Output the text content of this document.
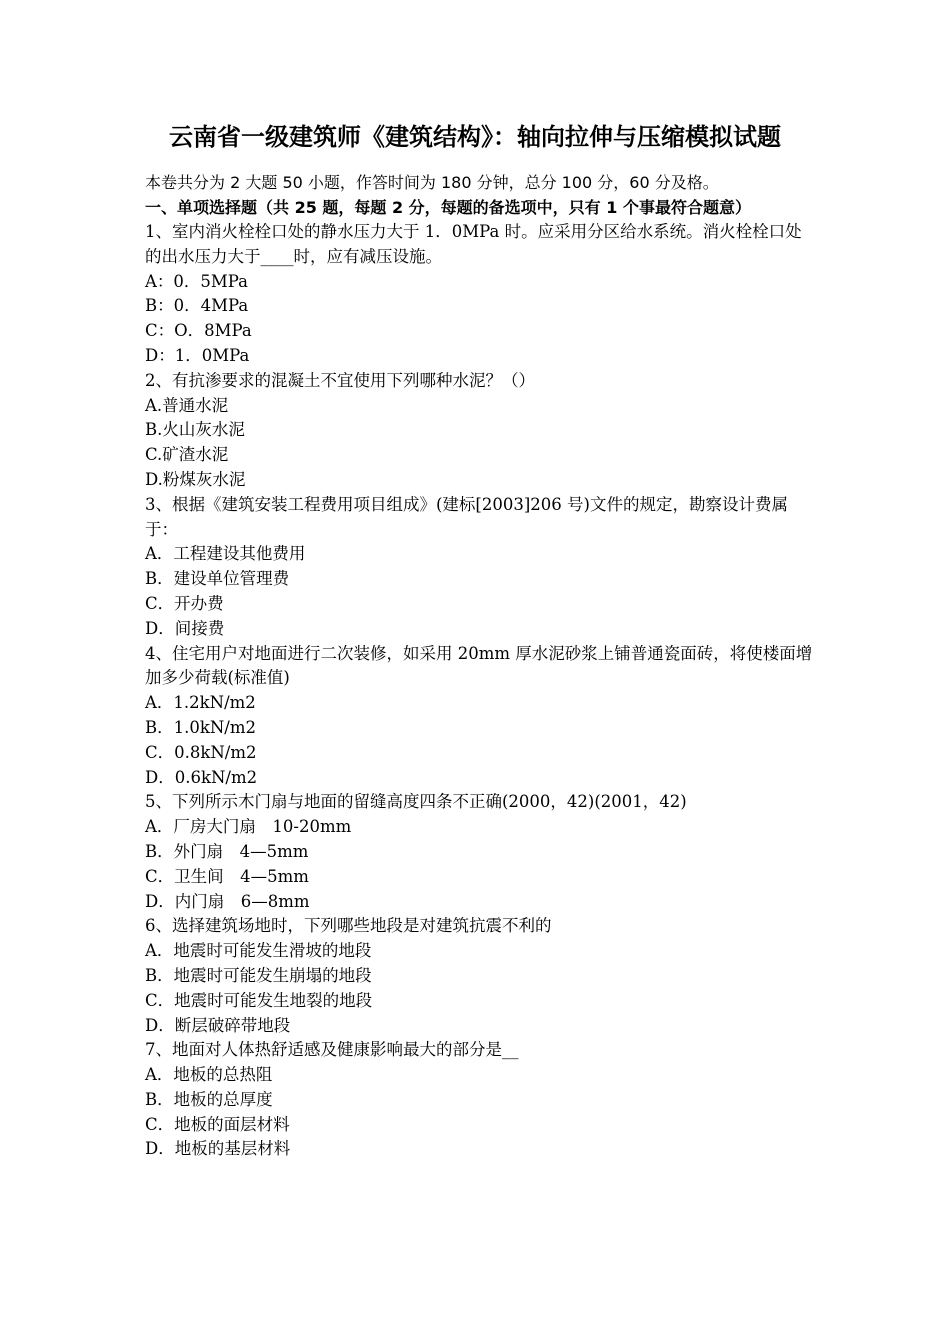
云南省一级建筑师《建筑结构》：轴向拉伸与压缩模拟试题
本卷共分为 2 大题 50 小题，作答时间为 180 分钟，总分 100 分，60 分及格。
一、单项选择题（共 25 题，每题 2 分，每题的备选项中，只有 1 个事最符合题意）
1、室内消火栓栓口处的静水压力大于 1．0MPa 时。应采用分区给水系统。消火栓栓口处的出水压力大于____时，应有减压设施。
A：0．5MPa
B：0．4MPa
C：O．8MPa
D：1．0MPa
2、有抗渗要求的混凝土不宜使用下列哪种水泥？（）
A.普通水泥
B.火山灰水泥
C.矿渣水泥
D.粉煤灰水泥
3、根据《建筑安装工程费用项目组成》(建标[2003]206 号)文件的规定，勘察设计费属于：
A．工程建设其他费用
B．建设单位管理费
C．开办费
D．间接费
4、住宅用户对地面进行二次装修，如采用 20mm 厚水泥砂浆上铺普通瓷面砖，将使楼面增加多少荷载(标准值)
A．1.2kN/m2
B．1.0kN/m2
C．0.8kN/m2
D．0.6kN/m2
5、下列所示木门扇与地面的留缝高度四条不正确(2000，42)(2001，42)
A．厂房大门扇　10-20mm
B．外门扇　4—5mm
C．卫生间　4—5mm
D．内门扇　6—8mm
6、选择建筑场地时，下列哪些地段是对建筑抗震不利的
A．地震时可能发生滑坡的地段
B．地震时可能发生崩塌的地段
C．地震时可能发生地裂的地段
D．断层破碎带地段
7、地面对人体热舒适感及健康影响最大的部分是__
A．地板的总热阻
B．地板的总厚度
C．地板的面层材料
D．地板的基层材料
